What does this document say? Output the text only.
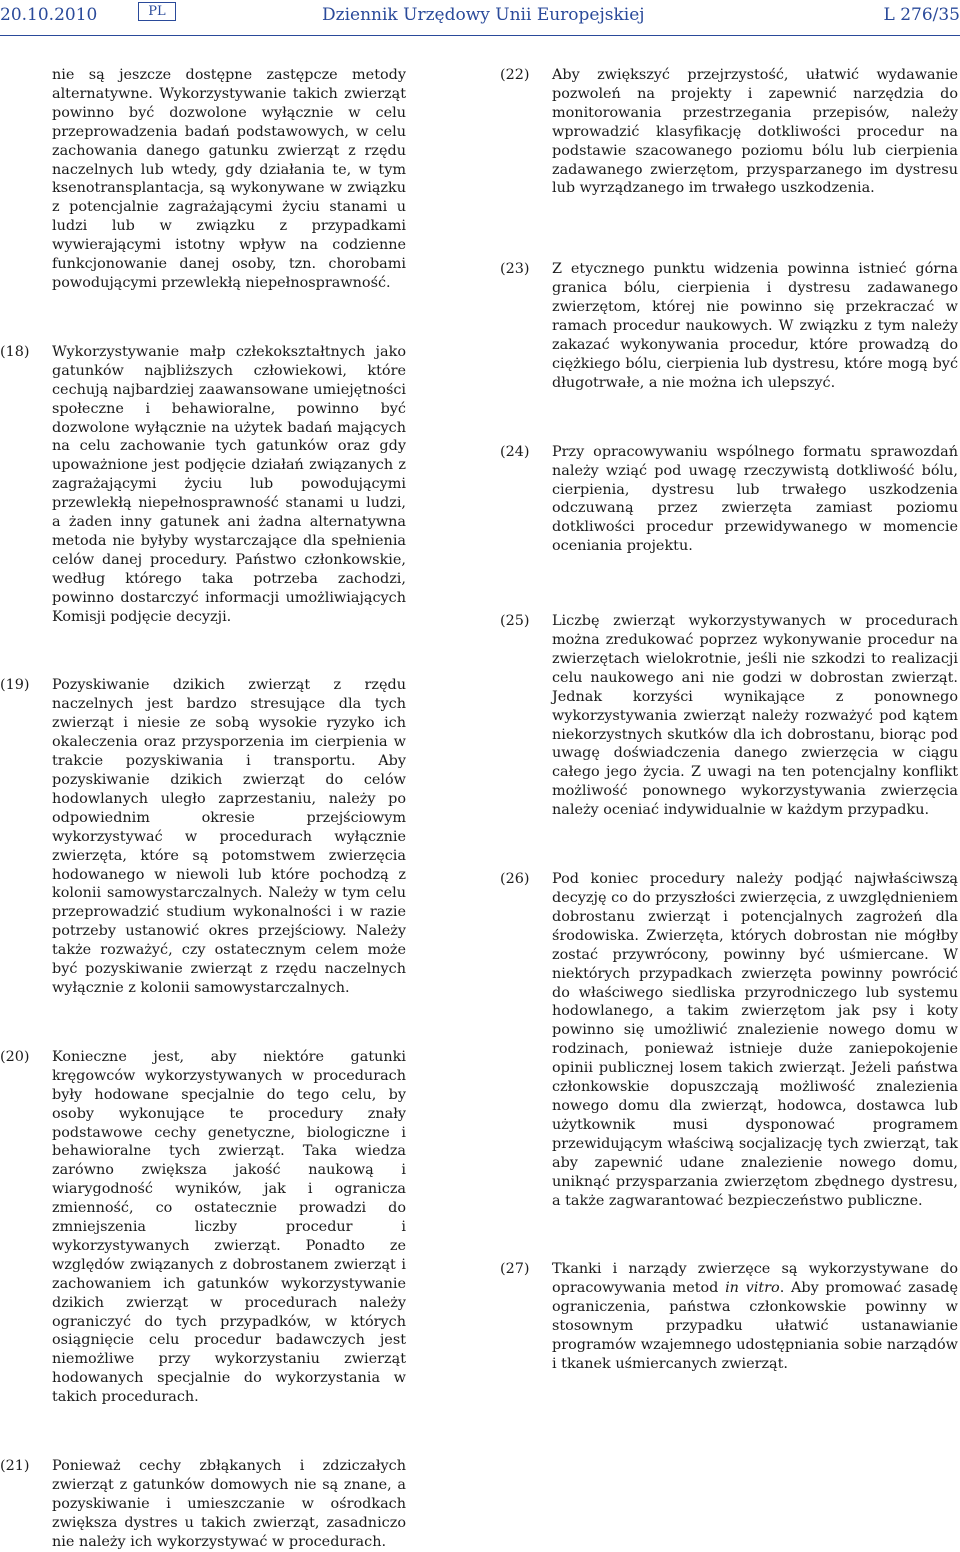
20.10.2010	PL	Dziennik Urzędowy Unii Europejskiej	L 276/35

nie są jeszcze dostępne zastępcze metody alternatywne. Wykorzystywanie takich zwierząt powinno być dozwolone wyłącznie w celu przeprowadzenia badań podstawowych, w celu zachowania danego gatunku zwierząt z rzędu naczelnych lub wtedy, gdy działania te, w tym ksenotransplantacja, są wykonywane w związku z potencjalnie zagrażającymi życiu stanami u ludzi lub w związku z przypadkami wywierającymi istotny wpływ na codzienne funkcjonowanie danej osoby, tzn. chorobami powodującymi przewlekłą niepełnosprawność.

(18) Wykorzystywanie małp człekokształtnych jako gatunków najbliższych człowiekowi, które cechują najbardziej zaawansowane umiejętności społeczne i behawioralne, powinno być dozwolone wyłącznie na użytek badań mających na celu zachowanie tych gatunków oraz gdy upoważnione jest podjęcie działań związanych z zagrażającymi życiu lub powodującymi przewlekłą niepełnosprawność stanami u ludzi, a żaden inny gatunek ani żadna alternatywna metoda nie byłyby wystarczające dla spełnienia celów danej procedury. Państwo członkowskie, według którego taka potrzeba zachodzi, powinno dostarczyć informacji umożliwiających Komisji podjęcie decyzji.

(19) Pozyskiwanie dzikich zwierząt z rzędu naczelnych jest bardzo stresujące dla tych zwierząt i niesie ze sobą wysokie ryzyko ich okaleczenia oraz przysporzenia im cierpienia w trakcie pozyskiwania i transportu. Aby pozyskiwanie dzikich zwierząt do celów hodowlanych uległo zaprzestaniu, należy po odpowiednim okresie przejściowym wykorzystywać w procedurach wyłącznie zwierzęta, które są potomstwem zwierzęcia hodowanego w niewoli lub które pochodzą z kolonii samowystarczalnych. Należy w tym celu przeprowadzić studium wykonalności i w razie potrzeby ustanowić okres przejściowy. Należy także rozważyć, czy ostatecznym celem może być pozyskiwanie zwierząt z rzędu naczelnych wyłącznie z kolonii samowystarczalnych.

(20) Konieczne jest, aby niektóre gatunki kręgowców wykorzystywanych w procedurach były hodowane specjalnie do tego celu, by osoby wykonujące te procedury znały podstawowe cechy genetyczne, biologiczne i behawioralne tych zwierząt. Taka wiedza zarówno zwiększa jakość naukową i wiarygodność wyników, jak i ogranicza zmienność, co ostatecznie prowadzi do zmniejszenia liczby procedur i wykorzystywanych zwierząt. Ponadto ze względów związanych z dobrostanem zwierząt i zachowaniem ich gatunków wykorzystywanie dzikich zwierząt w procedurach należy ograniczyć do tych przypadków, w których osiągnięcie celu procedur badawczych jest niemożliwe przy wykorzystaniu zwierząt hodowanych specjalnie do wykorzystania w takich procedurach.

(21) Ponieważ cechy zbłąkanych i zdziczałych zwierząt z gatunków domowych nie są znane, a pozyskiwanie i umieszczanie w ośrodkach zwiększa dystres u takich zwierząt, zasadniczo nie należy ich wykorzystywać w procedurach.

(22) Aby zwiększyć przejrzystość, ułatwić wydawanie pozwoleń na projekty i zapewnić narzędzia do monitorowania przestrzegania przepisów, należy wprowadzić klasyfikację dotkliwości procedur na podstawie szacowanego poziomu bólu lub cierpienia zadawanego zwierzętom, przysparzanego im dystresu lub wyrządzanego im trwałego uszkodzenia.

(23) Z etycznego punktu widzenia powinna istnieć górna granica bólu, cierpienia i dystresu zadawanego zwierzętom, której nie powinno się przekraczać w ramach procedur naukowych. W związku z tym należy zakazać wykonywania procedur, które prowadzą do ciężkiego bólu, cierpienia lub dystresu, które mogą być długotrwałe, a nie można ich ulepszyć.

(24) Przy opracowywaniu wspólnego formatu sprawozdań należy wziąć pod uwagę rzeczywistą dotkliwość bólu, cierpienia, dystresu lub trwałego uszkodzenia odczuwaną przez zwierzęta zamiast poziomu dotkliwości procedur przewidywanego w momencie oceniania projektu.

(25) Liczbę zwierząt wykorzystywanych w procedurach można zredukować poprzez wykonywanie procedur na zwierzętach wielokrotnie, jeśli nie szkodzi to realizacji celu naukowego ani nie godzi w dobrostan zwierząt. Jednak korzyści wynikające z ponownego wykorzystywania zwierząt należy rozważyć pod kątem niekorzystnych skutków dla ich dobrostanu, biorąc pod uwagę doświadczenia danego zwierzęcia w ciągu całego jego życia. Z uwagi na ten potencjalny konflikt możliwość ponownego wykorzystywania zwierzęcia należy oceniać indywidualnie w każdym przypadku.

(26) Pod koniec procedury należy podjąć najwłaściwszą decyzję co do przyszłości zwierzęcia, z uwzględnieniem dobrostanu zwierząt i potencjalnych zagrożeń dla środowiska. Zwierzęta, których dobrostan nie mógłby zostać przywrócony, powinny być uśmiercane. W niektórych przypadkach zwierzęta powinny powrócić do właściwego siedliska przyrodniczego lub systemu hodowlanego, a takim zwierzętom jak psy i koty powinno się umożliwić znalezienie nowego domu w rodzinach, ponieważ istnieje duże zaniepokojenie opinii publicznej losem takich zwierząt. Jeżeli państwa członkowskie dopuszczają możliwość znalezienia nowego domu dla zwierząt, hodowca, dostawca lub użytkownik musi dysponować programem przewidującym właściwą socjalizację tych zwierząt, tak aby zapewnić udane znalezienie nowego domu, uniknąć przysparzania zwierzętom zbędnego dystresu, a także zagwarantować bezpieczeństwo publiczne.

(27) Tkanki i narządy zwierzęce są wykorzystywane do opracowywania metod in vitro. Aby promować zasadę ograniczenia, państwa członkowskie powinny w stosownym przypadku ułatwić ustanawianie programów wzajemnego udostępniania sobie narządów i tkanek uśmiercanych zwierząt.
